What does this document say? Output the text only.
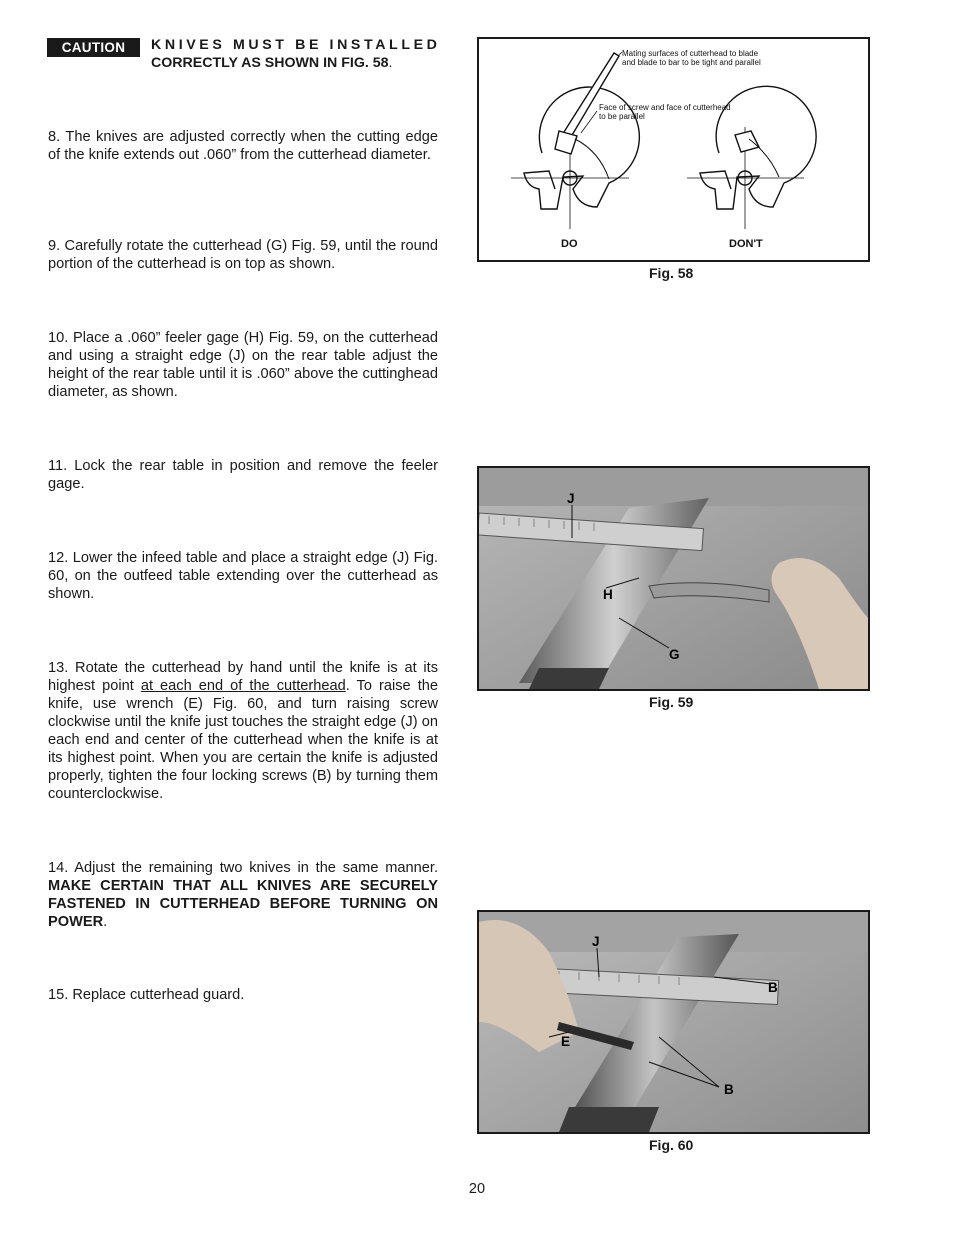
CAUTION	KNIVES MUST BE INSTALLED
CORRECTLY AS SHOWN IN FIG. 58.
8. The knives are adjusted correctly when the cutting edge of the knife extends out .060” from the cutterhead diameter.
9. Carefully rotate the cutterhead (G) Fig. 59, until the round portion of the cutterhead is on top as shown.
10. Place a .060” feeler gage (H) Fig. 59, on the cutterhead and using a straight edge (J) on the rear table adjust the height of the rear table until it is .060” above the cuttinghead diameter, as shown.
11. Lock the rear table in position and remove the feeler gage.
12. Lower the infeed table and place a straight edge (J) Fig. 60, on the outfeed table extending over the cutterhead as shown.
13. Rotate the cutterhead by hand until the knife is at its highest point at each end of the cutterhead. To raise the knife, use wrench (E) Fig. 60, and turn raising screw clockwise until the knife just touches the straight edge (J) on each end and center of the cutterhead when the knife is at its highest point. When you are certain the knife is adjusted properly, tighten the four locking screws (B) by turning them counterclockwise.
14. Adjust the remaining two knives in the same manner. MAKE CERTAIN THAT ALL KNIVES ARE SECURELY FASTENED IN CUTTERHEAD BEFORE TURNING ON POWER.
15. Replace cutterhead guard.
Mating surfaces of cutterhead to blade
and blade to bar to be tight and parallel
Face of screw and face of cutterhead
to be parallel
DO	DON'T
Fig. 58
J
H
G
Fig. 59
J
B
E
B
Fig. 60
20
